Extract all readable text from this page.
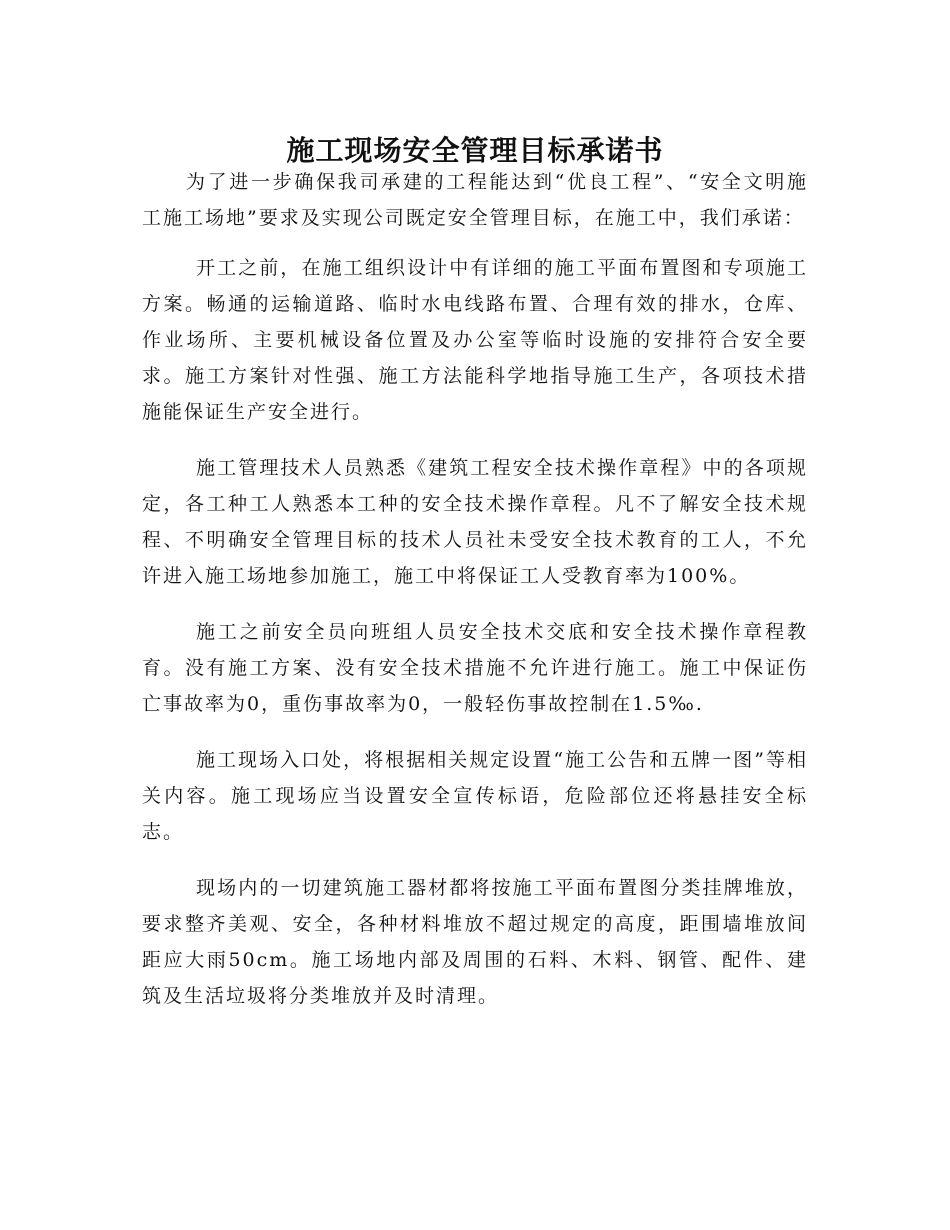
施工现场安全管理目标承诺书

为了进一步确保我司承建的工程能达到“优良工程”、“安全文明施工施工场地”要求及实现公司既定安全管理目标，在施工中，我们承诺：

开工之前，在施工组织设计中有详细的施工平面布置图和专项施工方案。畅通的运输道路、临时水电线路布置、合理有效的排水，仓库、作业场所、主要机械设备位置及办公室等临时设施的安排符合安全要求。施工方案针对性强、施工方法能科学地指导施工生产，各项技术措施能保证生产安全进行。

施工管理技术人员熟悉《建筑工程安全技术操作章程》中的各项规定，各工种工人熟悉本工种的安全技术操作章程。凡不了解安全技术规程、不明确安全管理目标的技术人员社未受安全技术教育的工人，不允许进入施工场地参加施工，施工中将保证工人受教育率为100%。

施工之前安全员向班组人员安全技术交底和安全技术操作章程教育。没有施工方案、没有安全技术措施不允许进行施工。施工中保证伤亡事故率为0，重伤事故率为0，一般轻伤事故控制在1.5‰.

施工现场入口处，将根据相关规定设置“施工公告和五牌一图”等相关内容。施工现场应当设置安全宣传标语，危险部位还将悬挂安全标志。

现场内的一切建筑施工器材都将按施工平面布置图分类挂牌堆放，要求整齐美观、安全，各种材料堆放不超过规定的高度，距围墙堆放间距应大雨50cm。施工场地内部及周围的石料、木料、钢管、配件、建筑及生活垃圾将分类堆放并及时清理。
